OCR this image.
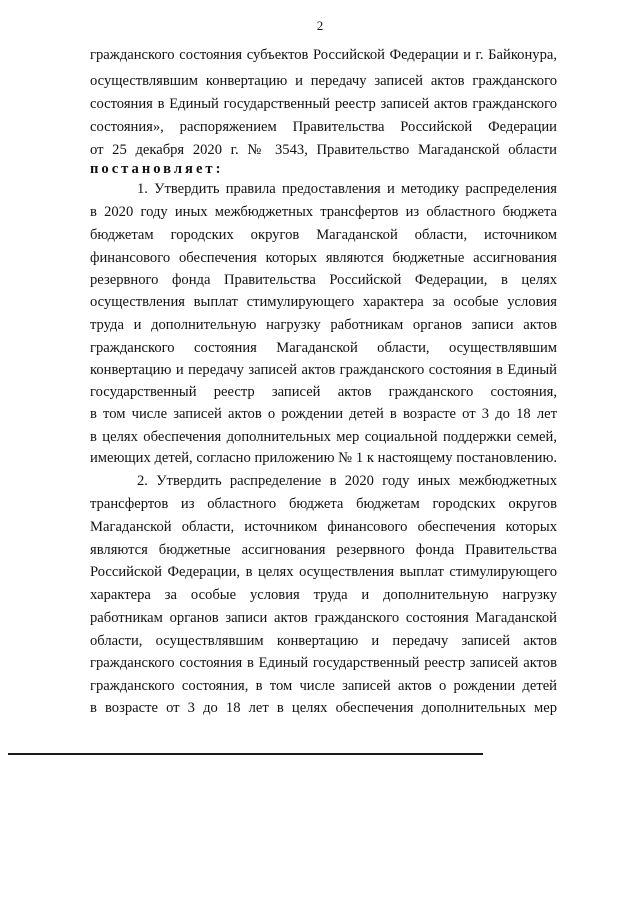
2
гражданского состояния субъектов Российской Федерации и г. Байконура,
осуществлявшим конвертацию и передачу записей актов гражданского
состояния в Единый государственный реестр записей актов гражданского
состояния», распоряжением Правительства Российской Федерации
от 25 декабря 2020 г. № 3543, Правительство Магаданской области
постановляет:
1. Утвердить правила предоставления и методику распределения
в 2020 году иных межбюджетных трансфертов из областного бюджета
бюджетам городских округов Магаданской области, источником
финансового обеспечения которых являются бюджетные ассигнования
резервного фонда Правительства Российской Федерации, в целях
осуществления выплат стимулирующего характера за особые условия
труда и дополнительную нагрузку работникам органов записи актов
гражданского состояния Магаданской области, осуществлявшим
конвертацию и передачу записей актов гражданского состояния в Единый
государственный реестр записей актов гражданского состояния,
в том числе записей актов о рождении детей в возрасте от 3 до 18 лет
в целях обеспечения дополнительных мер социальной поддержки семей,
имеющих детей, согласно приложению № 1 к настоящему постановлению.
2. Утвердить распределение в 2020 году иных межбюджетных
трансфертов из областного бюджета бюджетам городских округов
Магаданской области, источником финансового обеспечения которых
являются бюджетные ассигнования резервного фонда Правительства
Российской Федерации, в целях осуществления выплат стимулирующего
характера за особые условия труда и дополнительную нагрузку
работникам органов записи актов гражданского состояния Магаданской
области, осуществлявшим конвертацию и передачу записей актов
гражданского состояния в Единый государственный реестр записей актов
гражданского состояния, в том числе записей актов о рождении детей
в возрасте от 3 до 18 лет в целях обеспечения дополнительных мер
